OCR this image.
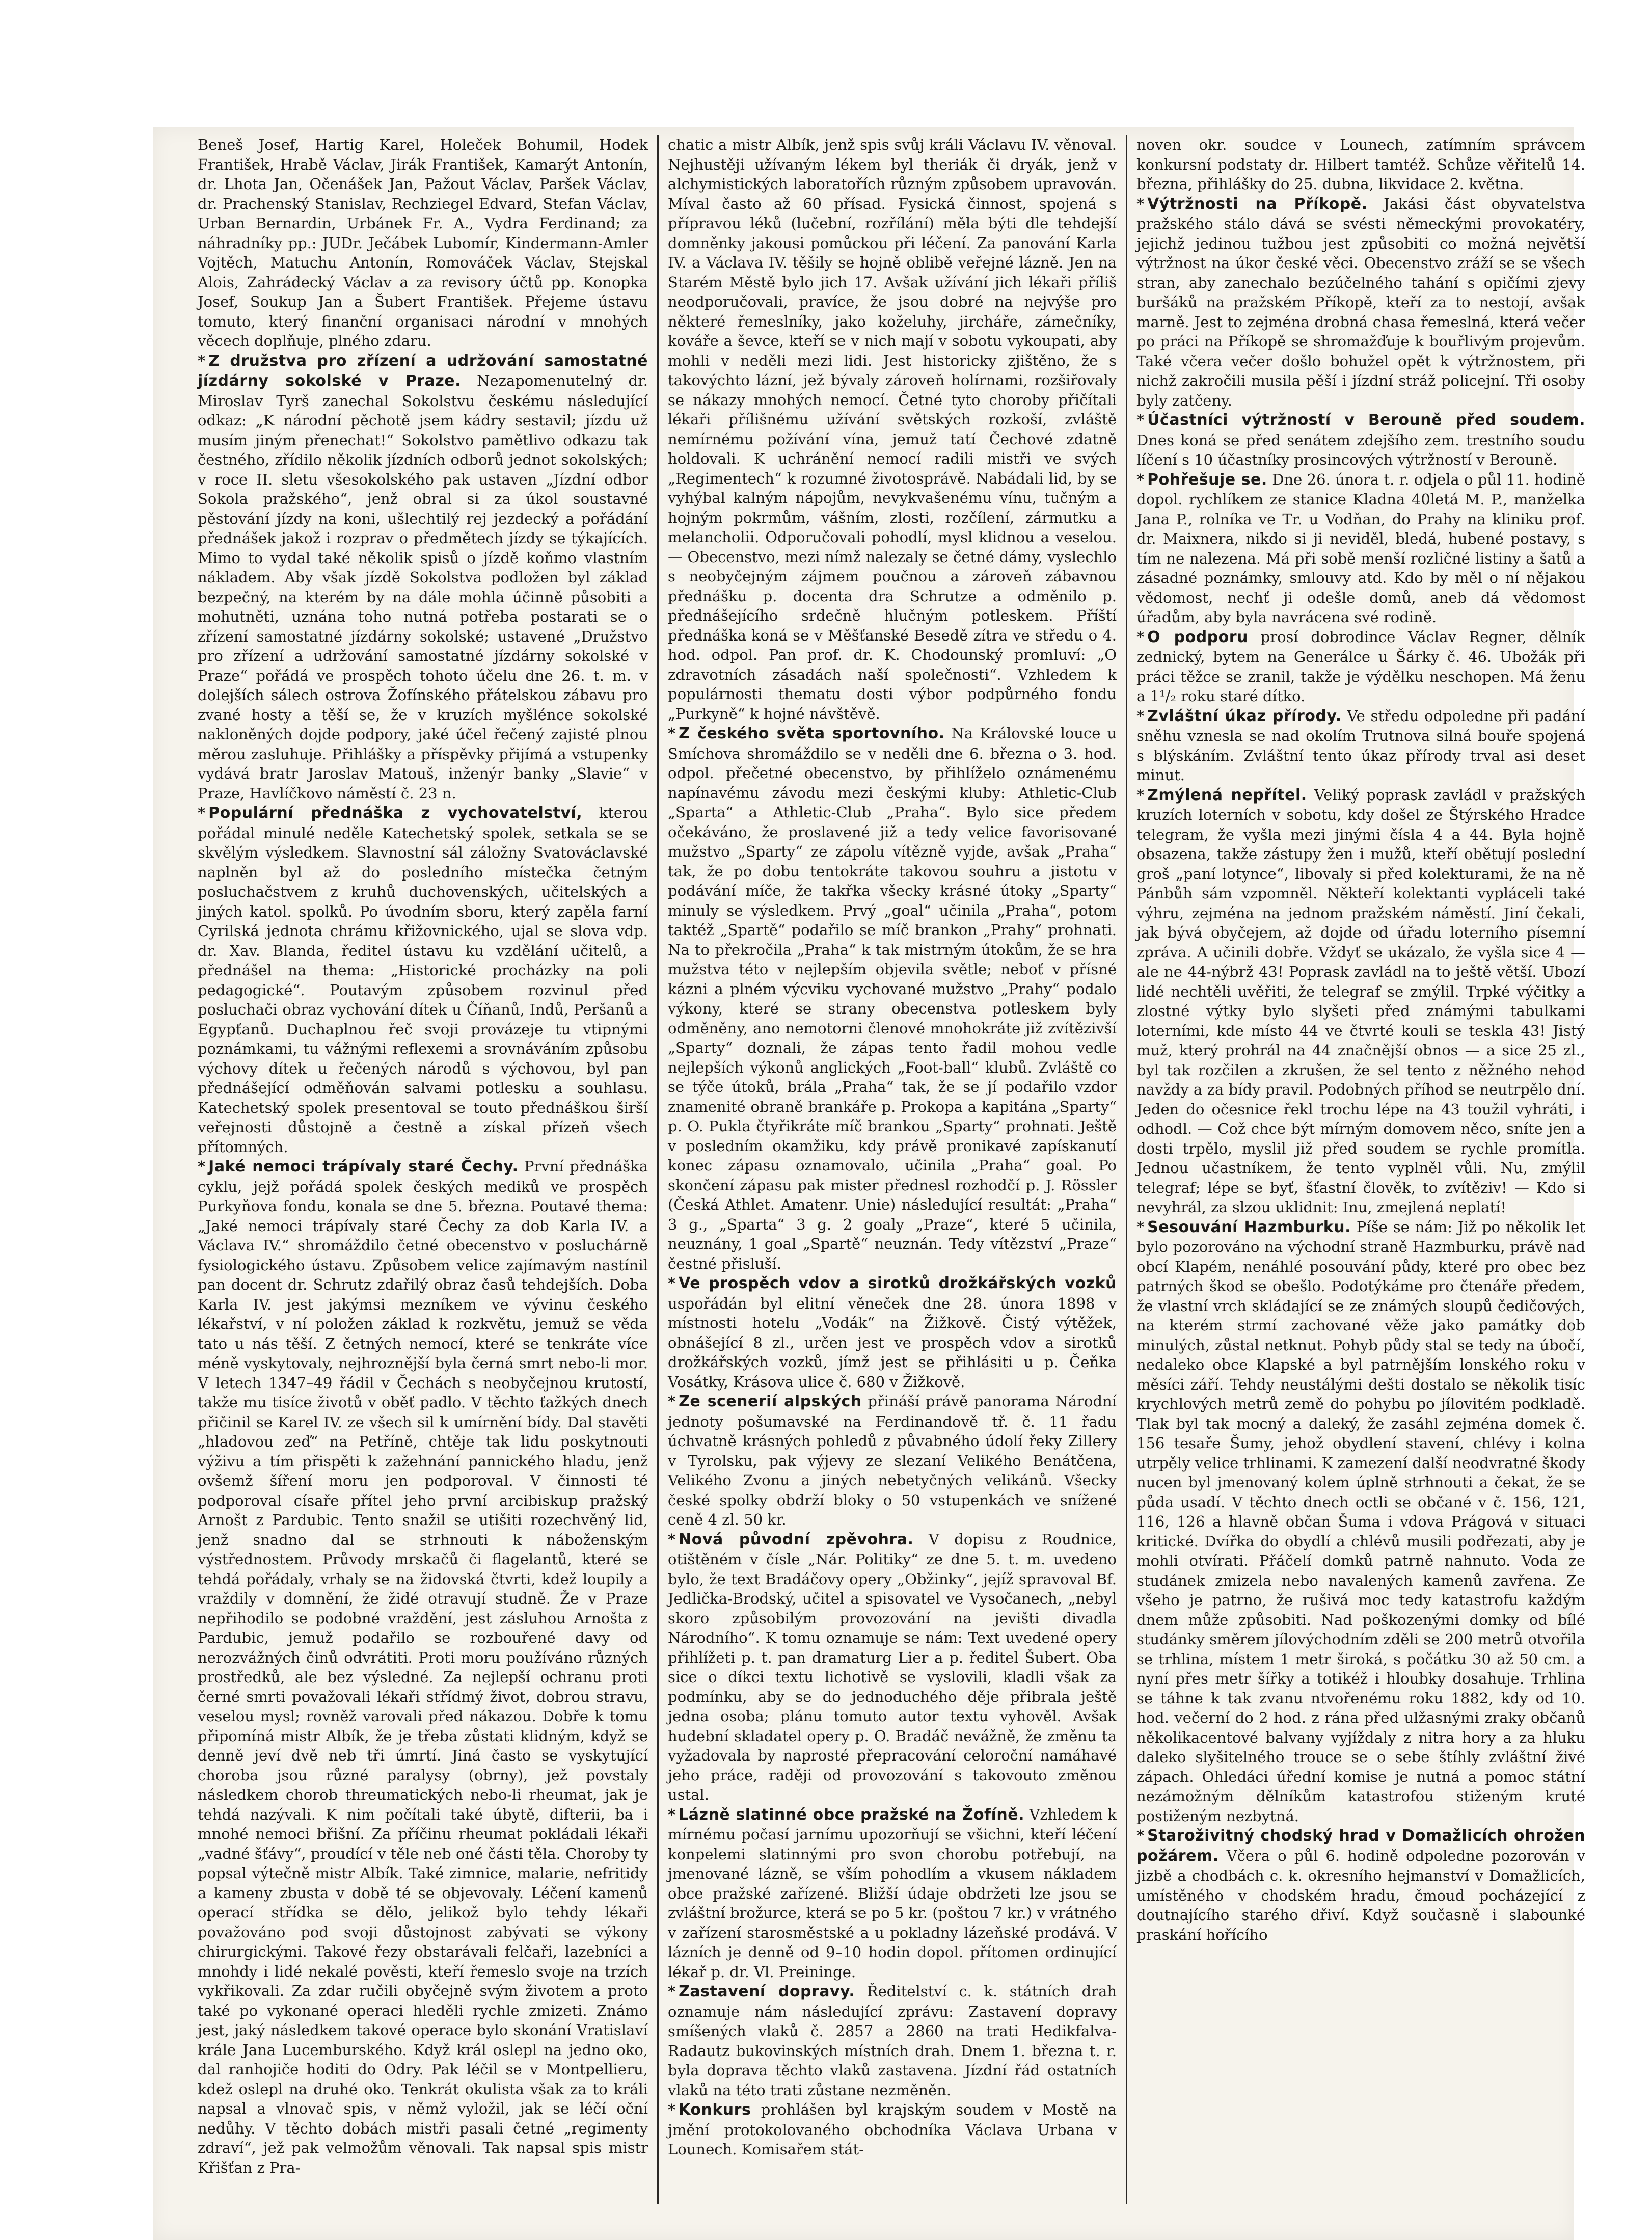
Beneš Josef, Hartig Karel, Holeček Bohumil, Hodek František, Hrabě Václav, Jirák František, Kamarýt Antonín, dr. Lhota Jan, Očenášek Jan, Pažout Václav, Paršek Václav, dr. Prachenský Stanislav, Rechziegel Edvard, Stefan Václav, Urban Bernardin, Urbánek Fr. A., Vydra Ferdinand; za náhradníky pp.: JUDr. Ječábek Lubomír, Kindermann-Amler Vojtěch, Matuchu Antonín, Romováček Václav, Stejskal Alois, Zahrádecký Václav a za revisory účtů pp. Konopka Josef, Soukup Jan a Šubert František. Přejeme ústavu tomuto, který finanční organisaci národní v mnohých věcech doplňuje, plného zdaru.

* Z družstva pro zřízení a udržování samostatné jízdárny sokolské v Praze. Nezapomenutelný dr. Miroslav Tyrš zanechal Sokolstvu českému následující odkaz: „K národní pěchotě jsem kádry sestavil; jízdu už musím jiným přenechat!“ Sokolstvo pamětlivo odkazu tak čestného, zřídilo několik jízdních odborů jednot sokolských; v roce II. sletu všesokolského pak ustaven „Jízdní odbor Sokola pražského“, jenž obral si za úkol soustavné pěstování jízdy na koni, ušlechtilý rej jezdecký a pořádání přednášek jakož i rozprav o předmětech jízdy se týkajících. Mimo to vydal také několik spisů o jízdě koňmo vlastním nákladem. Aby však jízdě Sokolstva podložen byl základ bezpečný, na kterém by na dále mohla účinně působiti a mohutněti, uznána toho nutná potřeba postarati se o zřízení samostatné jízdárny sokolské; ustavené „Družstvo pro zřízení a udržování samostatné jízdárny sokolské v Praze“ pořádá ve prospěch tohoto účelu dne 26. t. m. v dolejších sálech ostrova Žofínského přátelskou zábavu pro zvané hosty a těší se, že v kruzích myšlénce sokolské nakloněných dojde podpory, jaké účel řečený zajisté plnou měrou zasluhuje. Přihlášky a příspěvky přijímá a vstupenky vydává bratr Jaroslav Matouš, inženýr banky „Slavie“ v Praze, Havlíčkovo náměstí č. 23 n.

* Populární přednáška z vychovatelství, kterou pořádal minulé neděle Katechetský spolek, setkala se se skvělým výsledkem. Slavnostní sál záložny Svatováclavské naplněn byl až do posledního místečka četným posluchačstvem z kruhů duchovenských, učitelských a jiných katol. spolků. Po úvodním sboru, který zapěla farní Cyrilská jednota chrámu křižovnického, ujal se slova vdp. dr. Xav. Blanda, ředitel ústavu ku vzdělání učitelů, a přednášel na thema: „Historické procházky na poli pedagogické“. Poutavým způsobem rozvinul před posluchači obraz vychování dítek u Číňanů, Indů, Peršanů a Egypťanů. Duchaplnou řeč svoji provázeje tu vtipnými poznámkami, tu vážnými reflexemi a srovnáváním způsobu výchovy dítek u řečených národů s výchovou, byl pan přednášející odměňován salvami potlesku a souhlasu. Katechetský spolek presentoval se touto přednáškou širší veřejnosti důstojně a čestně a získal přízeň všech přítomných.

* Jaké nemoci trápívaly staré Čechy. První přednáška cyklu, jejž pořádá spolek českých mediků ve prospěch Purkyňova fondu, konala se dne 5. března. Poutavé thema: „Jaké nemoci trápívaly staré Čechy za dob Karla IV. a Václava IV.“ shromáždilo četné obecenstvo v posluchárně fysiologického ústavu. Způsobem velice zajímavým nastínil pan docent dr. Schrutz zdařilý obraz časů tehdejších. Doba Karla IV. jest jakýmsi mezníkem ve vývinu českého lékařství, v ní položen základ k rozkvětu, jemuž se věda tato u nás těší. Z četných nemocí, které se tenkráte více méně vyskytovaly, nejhroznější byla černá smrt nebo-li mor. V letech 1347–49 řádil v Čechách s neobyčejnou krutostí, takže mu tisíce životů v oběť padlo. V těchto ťažkých dnech přičinil se Karel IV. ze všech sil k umírnění bídy. Dal stavěti „hladovou zeď“ na Petříně, chtěje tak lidu poskytnouti výživu a tím přispěti k zažehnání pannického hladu, jenž ovšemž šíření moru jen podporoval. V činnosti té podporoval císaře přítel jeho první arcibiskup pražský Arnošt z Pardubic. Tento snažil se utišiti rozechvěný lid, jenž snadno dal se strhnouti k náboženským výstřednostem. Průvody mrskačů či flagelantů, které se tehdá pořádaly, vrhaly se na židovská čtvrti, kdež loupily a vraždily v domnění, že židé otravují studně. Že v Praze nepřihodilo se podobné vraždění, jest zásluhou Arnošta z Pardubic, jemuž podařilo se rozbouřené davy od nerozvážných činů odvrátiti. Proti moru používáno různých prostředků, ale bez výsledné. Za nejlepší ochranu proti černé smrti považovali lékaři střídmý život, dobrou stravu, veselou mysl; rovněž varovali před nákazou. Dobře k tomu připomíná mistr Albík, že je třeba zůstati klidným, když se denně jeví dvě neb tři úmrtí. Jiná často se vyskytující choroba jsou různé paralysy (obrny), jež povstaly následkem chorob threumatických nebo-li rheumat, jak je tehdá nazývali. K nim počítali také úbytě, difterii, ba i mnohé nemoci břišní. Za příčinu rheumat pokládali lékaři „vadné šťávy“, proudící v těle neb oné části těla. Choroby ty popsal výtečně mistr Albík. Také zimnice, malarie, nefritidy a kameny zbusta v době té se objevovaly. Léčení kamenů operací střídka se dělo, jelikož bylo tehdy lékaři považováno pod svoji důstojnost zabývati se výkony chirurgickými. Takové řezy obstarávali felčaři, lazebníci a mnohdy i lidé nekalé pověsti, kteří řemeslo svoje na trzích vykřikovali. Za zdar ručili obyčejně svým životem a proto také po vykonané operaci hleděli rychle zmizeti. Známo jest, jaký následkem takové operace bylo skonání Vratislaví krále Jana Lucemburského. Když král oslepl na jedno oko, dal ranhojiče hoditi do Odry. Pak léčil se v Montpellieru, kdež oslepl na druhé oko. Tenkrát okulista však za to králi napsal a vlnovač spis, v němž vyložil, jak se léčí oční nedůhy. V těchto dobách mistři pasali četné „regimenty zdraví“, jež pak velmožům věnovali. Tak napsal spis mistr Křišťan z Pra-

chatic a mistr Albík, jenž spis svůj králi Václavu IV. věnoval. Nejhustěji užívaným lékem byl theriák či dryák, jenž v alchymistických laboratořích různým způsobem upravován. Míval často až 60 přísad. Fysická činnost, spojená s přípravou léků (lučební, rozřílání) měla býti dle tehdejší domněnky jakousi pomůckou při léčení. Za panování Karla IV. a Václava IV. těšily se hojně oblibě veřejné lázně. Jen na Starém Městě bylo jich 17. Avšak užívání jich lékaři příliš neodporučovali, pravíce, že jsou dobré na nejvýše pro některé řemeslníky, jako koželuhy, jircháře, zámečníky, kováře a ševce, kteří se v nich mají v sobotu vykoupati, aby mohli v neděli mezi lidi. Jest historicky zjištěno, že s takovýchto lázní, jež bývaly zároveň holírnami, rozšiřovaly se nákazy mnohých nemocí. Četné tyto choroby přičítali lékaři přílišnému užívání světských rozkoší, zvláště nemírnému požívání vína, jemuž tatí Čechové zdatně holdovali. K uchránění nemocí radili mistři ve svých „Regimentech“ k rozumné životosprávě. Nabádali lid, by se vyhýbal kalným nápojům, nevykvašenému vínu, tučným a hojným pokrmům, vášním, zlosti, rozčílení, zármutku a melancholii. Odporučovali pohodlí, mysl klidnou a veselou. — Obecenstvo, mezi nímž nalezaly se četné dámy, vyslechlo s neobyčejným zájmem poučnou a zároveň zábavnou přednášku p. docenta dra Schrutze a odměnilo p. přednášejícího srdečně hlučným potleskem. Příští přednáška koná se v Měšťanské Besedě zítra ve středu o 4. hod. odpol. Pan prof. dr. K. Chodounský promluví: „O zdravotních zásadách naší společnosti“. Vzhledem k populárnosti thematu dosti výbor podpůrného fondu „Purkyně“ k hojné návštěvě.

* Z českého světa sportovního. Na Královské louce u Smíchova shromáždilo se v neděli dne 6. března o 3. hod. odpol. přečetné obecenstvo, by přihlíželo oznámenému napínavému závodu mezi českými kluby: Athletic-Club „Sparta“ a Athletic-Club „Praha“. Bylo sice předem očekáváno, že proslavené již a tedy velice favorisované mužstvo „Sparty“ ze zápolu vítězně vyjde, avšak „Praha“ tak, že po dobu tentokráte takovou souhru a jistotu v podávání míče, že takřka všecky krásné útoky „Sparty“ minuly se výsledkem. Prvý „goal“ učinila „Praha“, potom taktéž „Spartě“ podařilo se míč brankon „Prahy“ prohnati. Na to překročila „Praha“ k tak mistrným útokům, že se hra mužstva této v nejlepším objevila světle; neboť v přísné kázni a plném výcviku vychované mužstvo „Prahy“ podalo výkony, které se strany obecenstva potleskem byly odměněny, ano nemotorni členové mnohokráte již zvítězivší „Sparty“ doznali, že zápas tento řadil mohou vedle nejlepších výkonů anglických „Foot-ball“ klubů. Zvláště co se týče útoků, brála „Praha“ tak, že se jí podařilo vzdor znamenité obraně brankáře p. Prokopa a kapitána „Sparty“ p. O. Pukla čtyřikráte míč brankou „Sparty“ prohnati. Ještě v posledním okamžiku, kdy právě pronikavé zapískanutí konec zápasu oznamovalo, učinila „Praha“ goal. Po skončení zápasu pak mister přednesl rozhodčí p. J. Rössler (Česká Athlet. Amatenr. Unie) následující resultát: „Praha“ 3 g., „Sparta“ 3 g. 2 goaly „Praze“, které 5 učinila, neuznány, 1 goal „Spartě“ neuznán. Tedy vítězství „Praze“ čestné přisluší.

* Ve prospěch vdov a sirotků drožkářských vozků uspořádán byl elitní věneček dne 28. února 1898 v místnosti hotelu „Vodák“ na Žižkově. Čistý výtěžek, obnášející 8 zl., určen jest ve prospěch vdov a sirotků drožkářských vozků, jímž jest se přihlásiti u p. Čeňka Vosátky, Krásova ulice č. 680 v Žižkově.

* Ze scenerií alpských přináší právě panorama Národní jednoty pošumavské na Ferdinandově tř. č. 11 řadu úchvatně krásných pohledů z půvabného údolí řeky Zillery v Tyrolsku, pak výjevy ze slezaní Velikého Benátčena, Velikého Zvonu a jiných nebetyčných velikánů. Všecky české spolky obdrží bloky o 50 vstupenkách ve snížené ceně 4 zl. 50 kr.

* Nová původní zpěvohra. V dopisu z Roudnice, otištěném v čísle „Nár. Politiky“ ze dne 5. t. m. uvedeno bylo, že text Bradáčovy opery „Obžinky“, jejíž spravoval Bf. Jedlička-Brodský, učitel a spisovatel ve Vysočanech, „nebyl skoro způsobilým provozování na jevišti divadla Národního“. K tomu oznamuje se nám: Text uvedené opery přihlížeti p. t. pan dramaturg Lier a p. ředitel Šubert. Oba sice o díkci textu lichotivě se vyslovili, kladli však za podmínku, aby se do jednoduchého děje přibrala ještě jedna osoba; plánu tomuto autor textu vyhověl. Avšak hudební skladatel opery p. O. Bradáč nevážně, že změnu ta vyžadovala by naprosté přepracování celoroční namáhavé jeho práce, raději od provozování s takovouto změnou ustal.

* Lázně slatinné obce pražské na Žofíně. Vzhledem k mírnému počasí jarnímu upozorňují se všichni, kteří léčení konpelemi slatinnými pro svon chorobu potřebují, na jmenované lázně, se vším pohodlím a vkusem nákladem obce pražské zařízené. Bližší údaje obdržeti lze jsou se zvláštní brožurce, která se po 5 kr. (poštou 7 kr.) v vrátného v zařízení starosměstské a u pokladny lázeňské prodává. V lázních je denně od 9–10 hodin dopol. přítomen ordinující lékař p. dr. Vl. Preininge.

* Zastavení dopravy. Ředitelství c. k. státních drah oznamuje nám následující zprávu: Zastavení dopravy smíšených vlaků č. 2857 a 2860 na trati Hedikfalva-Radautz bukovinských místních drah. Dnem 1. března t. r. byla doprava těchto vlaků zastavena. Jízdní řád ostatních vlaků na této trati zůstane nezměněn.

* Konkurs prohlášen byl krajským soudem v Mostě na jmění protokolovaného obchodníka Václava Urbana v Lounech. Komisařem stát-

noven okr. soudce v Lounech, zatímním správcem konkursní podstaty dr. Hilbert tamtéž. Schůze věřitelů 14. března, přihlášky do 25. dubna, likvidace 2. května.

* Výtržnosti na Příkopě. Jakási část obyvatelstva pražského stálo dává se svésti německými provokatéry, jejichž jedinou tužbou jest způsobiti co možná největší výtržnost na úkor české věci. Obecenstvo zráží se se všech stran, aby zanechalo bezúčelného tahání s opičími zjevy buršáků na pražském Příkopě, kteří za to nestojí, avšak marně. Jest to zejména drobná chasa řemeslná, která večer po práci na Příkopě se shromažďuje k bouřlivým projevům. Také včera večer došlo bohužel opět k výtržnostem, při nichž zakročili musila pěší i jízdní stráž policejní. Tři osoby byly zatčeny.

* Účastníci výtržností v Berouně před soudem. Dnes koná se před senátem zdejšího zem. trestního soudu líčení s 10 účastníky prosincových výtržností v Berouně.

* Pohřešuje se. Dne 26. února t. r. odjela o půl 11. hodině dopol. rychlíkem ze stanice Kladna 40letá M. P., manželka Jana P., rolníka ve Tr. u Vodňan, do Prahy na kliniku prof. dr. Maixnera, nikdo si ji neviděl, bledá, hubené postavy, s tím ne nalezena. Má při sobě menší rozličné listiny a šatů a zásadné poznámky, smlouvy atd. Kdo by měl o ní nějakou vědomost, nechť ji odešle domů, aneb dá vědomost úřadům, aby byla navrácena své rodině.

* O podporu prosí dobrodince Václav Regner, dělník zednický, bytem na Generálce u Šárky č. 46. Ubožák při práci těžce se zranil, takže je výdělku neschopen. Má ženu a 1¹/₂ roku staré dítko.

* Zvláštní úkaz přírody. Ve středu odpoledne při padání sněhu vznesla se nad okolím Trutnova silná bouře spojená s blýskáním. Zvláštní tento úkaz přírody trval asi deset minut.

* Zmýlená nepřítel. Veliký poprask zavládl v pražských kruzích loterních v sobotu, kdy došel ze Štýrského Hradce telegram, že vyšla mezi jinými čísla 4 a 44. Byla hojně obsazena, takže zástupy žen i mužů, kteří obětují poslední groš „paní lotynce“, libovaly si před kolekturami, že na ně Pánbůh sám vzpomněl. Někteří kolektanti vypláceli také výhru, zejména na jednom pražském náměstí. Jiní čekali, jak bývá obyčejem, až dojde od úřadu loterního písemní zpráva. A učinili dobře. Vždyť se ukázalo, že vyšla sice 4 — ale ne 44-nýbrž 43! Poprask zavládl na to ještě větší. Ubozí lidé nechtěli uvěřiti, že telegraf se zmýlil. Trpké výčitky a zlostné výtky bylo slyšeti před známými tabulkami loterními, kde místo 44 ve čtvrté kouli se teskla 43! Jistý muž, který prohrál na 44 značnější obnos — a sice 25 zl., byl tak rozčilen a zkrušen, že sel tento z něžného nehod navždy a za bídy pravil. Podobných příhod se neutrpělo dní. Jeden do očesnice řekl trochu lépe na 43 toužil vyhráti, i odhodl. — Což chce být mírným domovem něco, sníte jen a dosti trpělo, myslil již před soudem se rychle promítla. Jednou učastníkem, že tento vyplněl vůli. Nu, zmýlil telegraf; lépe se byť, šťastní člověk, to zvítěziv! — Kdo si nevyhrál, za slzou uklidnit: Inu, zmejlená neplatí!

* Sesouvání Hazmburku. Píše se nám: Již po několik let bylo pozorováno na východní straně Hazmburku, právě nad obcí Klapém, nenáhlé posouvání půdy, které pro obec bez patrných škod se obešlo. Podotýkáme pro čtenáře předem, že vlastní vrch skládající se ze známých sloupů čedičových, na kterém strmí zachované věže jako památky dob minulých, zůstal netknut. Pohyb půdy stal se tedy na úbočí, nedaleko obce Klapské a byl patrnějším lonského roku v měsíci září. Tehdy neustálými dešti dostalo se několik tisíc krychlových metrů země do pohybu po jílovitém podkladě. Tlak byl tak mocný a daleký, že zasáhl zejména domek č. 156 tesaře Šumy, jehož obydlení stavení, chlévy i kolna utrpěly velice trhlinami. K zamezení další neodvratné škody nucen byl jmenovaný kolem úplně strhnouti a čekat, že se půda usadí. V těchto dnech octli se občané v č. 156, 121, 116, 126 a hlavně občan Šuma i vdova Prágová v situaci kritické. Dvířka do obydlí a chlévů musili podřezati, aby je mohli otvírati. Přáčelí domků patrně nahnuto. Voda ze studánek zmizela nebo navalených kamenů zavřena. Ze všeho je patrno, že rušivá moc tedy katastrofu každým dnem může způsobiti. Nad poškozenými domky od bílé studánky směrem jílovýchodním zděli se 200 metrů otvořila se trhlina, místem 1 metr široká, s počátku 30 až 50 cm. a nyní přes metr šířky a totikéž i hloubky dosahuje. Trhlina se táhne k tak zvanu ntvořenému roku 1882, kdy od 10. hod. večerní do 2 hod. z rána před ulžasnými zraky občanů několikacentové balvany vyjíždaly z nitra hory a za hluku daleko slyšitelného trouce se o sebe štíhly zvláštní živé zápach. Ohledáci úřední komise je nutná a pomoc státní nezámožným dělníkům katastrofou stiženým kruté postiženým nezbytná.

* Staroživitný chodský hrad v Domažlicích ohrožen požárem. Včera o půl 6. hodině odpoledne pozorován v jizbě a chodbách c. k. okresního hejmanství v Domažlicích, umístěného v chodském hradu, čmoud pocházející z doutnajícího starého dřiví. Když současně i slabounké praskání hořícího
